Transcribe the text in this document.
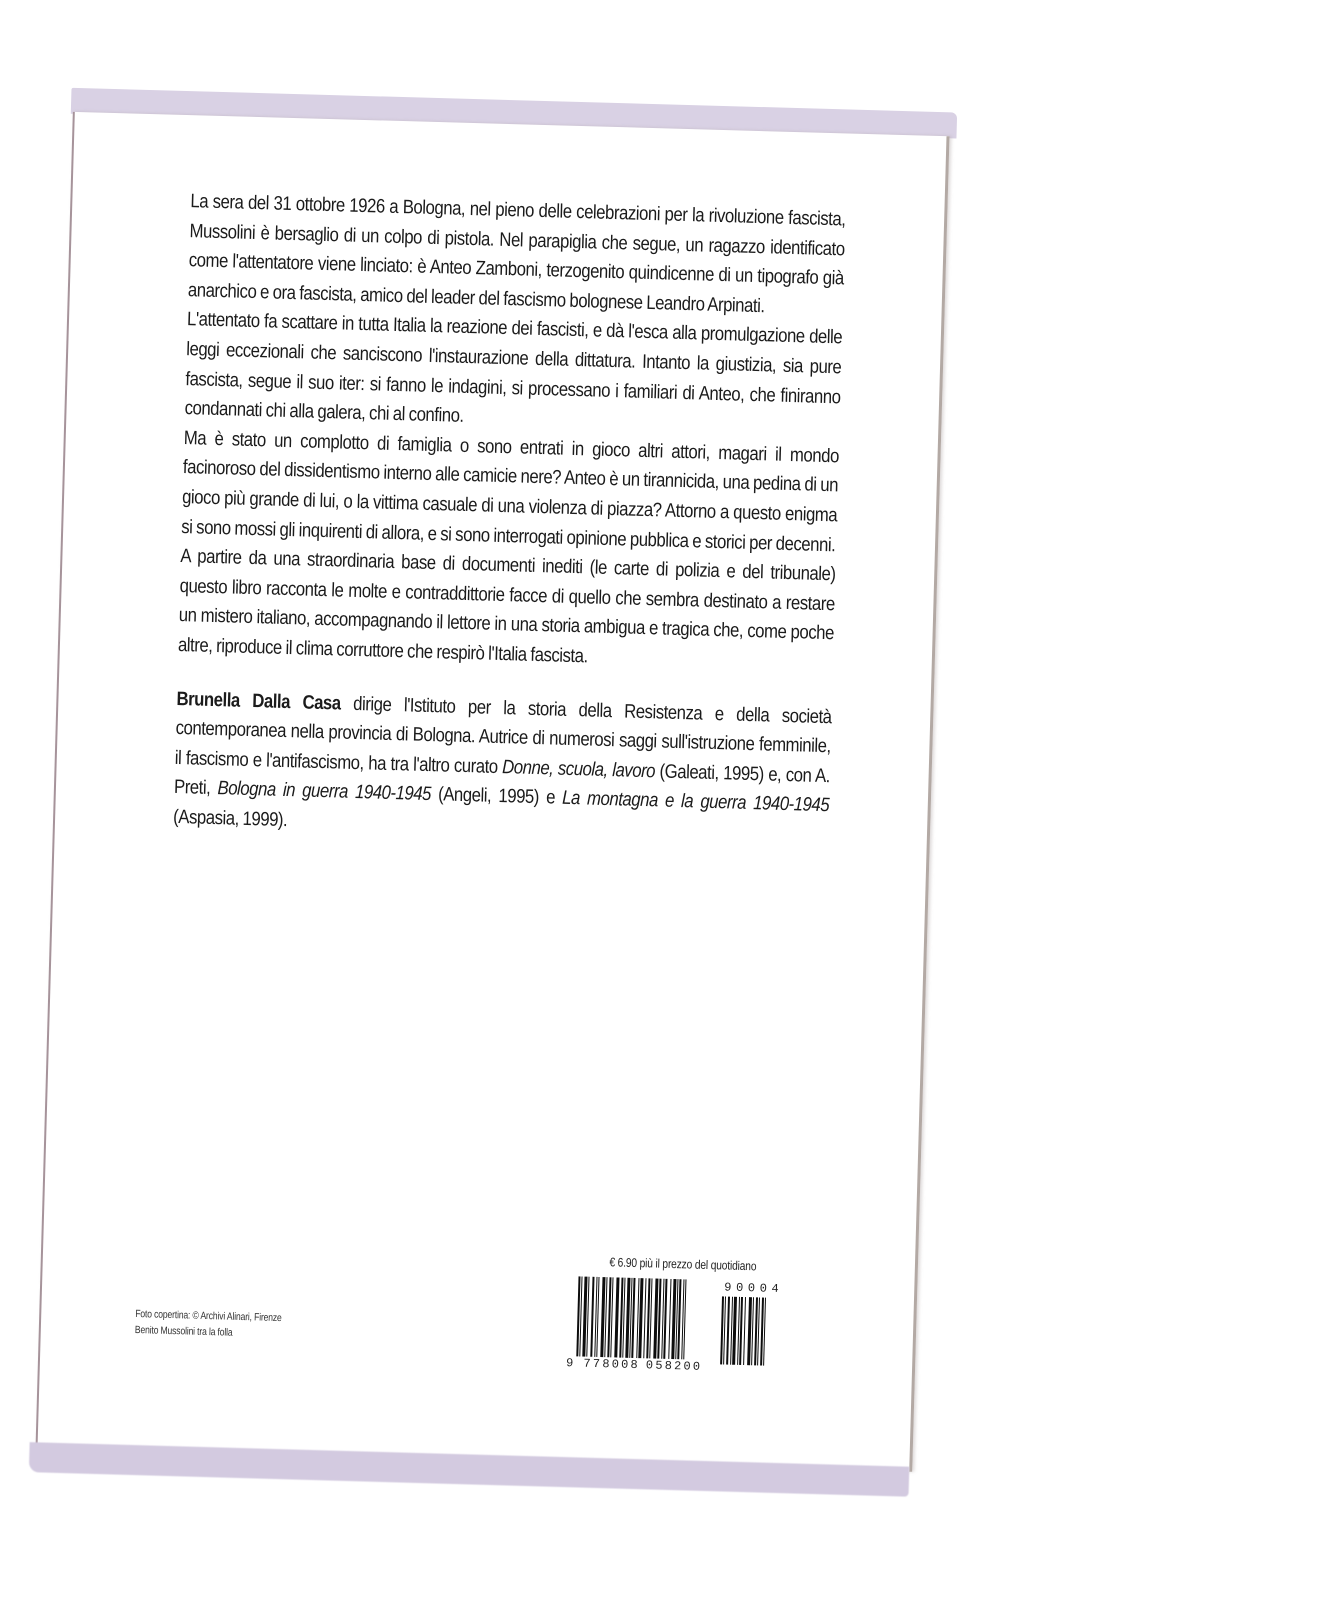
La sera del 31 ottobre 1926 a Bologna, nel pieno delle celebrazioni per la rivoluzione fascista, Mussolini è bersaglio di un colpo di pistola. Nel parapiglia che segue, un ragazzo identificato come l'attentatore viene linciato: è Anteo Zamboni, terzogenito quindicenne di un tipografo già anarchico e ora fascista, amico del leader del fascismo bolognese Leandro Arpinati.

L'attentato fa scattare in tutta Italia la reazione dei fascisti, e dà l'esca alla promulgazione delle leggi eccezionali che sanciscono l'instaurazione della dittatura. Intanto la giustizia, sia pure fascista, segue il suo iter: si fanno le indagini, si processano i familiari di Anteo, che finiranno condannati chi alla galera, chi al confino.

Ma è stato un complotto di famiglia o sono entrati in gioco altri attori, magari il mondo facinoroso del dissidentismo interno alle camicie nere? Anteo è un tirannicida, una pedina di un gioco più grande di lui, o la vittima casuale di una violenza di piazza? Attorno a questo enigma si sono mossi gli inquirenti di allora, e si sono interrogati opinione pubblica e storici per decenni.

A partire da una straordinaria base di documenti inediti (le carte di polizia e del tribunale) questo libro racconta le molte e contraddittorie facce di quello che sembra destinato a restare un mistero italiano, accompagnando il lettore in una storia ambigua e tragica che, come poche altre, riproduce il clima corruttore che respirò l'Italia fascista.

Brunella Dalla Casa dirige l'Istituto per la storia della Resistenza e della società contemporanea nella provincia di Bologna. Autrice di numerosi saggi sull'istruzione femminile, il fascismo e l'antifascismo, ha tra l'altro curato Donne, scuola, lavoro (Galeati, 1995) e, con A. Preti, Bologna in guerra 1940-1945 (Angeli, 1995) e La montagna e la guerra 1940-1945 (Aspasia, 1999).

Foto copertina: © Archivi Alinari, Firenze
Benito Mussolini tra la folla
€ 6.90 più il prezzo del quotidiano
90004
9 778008 058200
